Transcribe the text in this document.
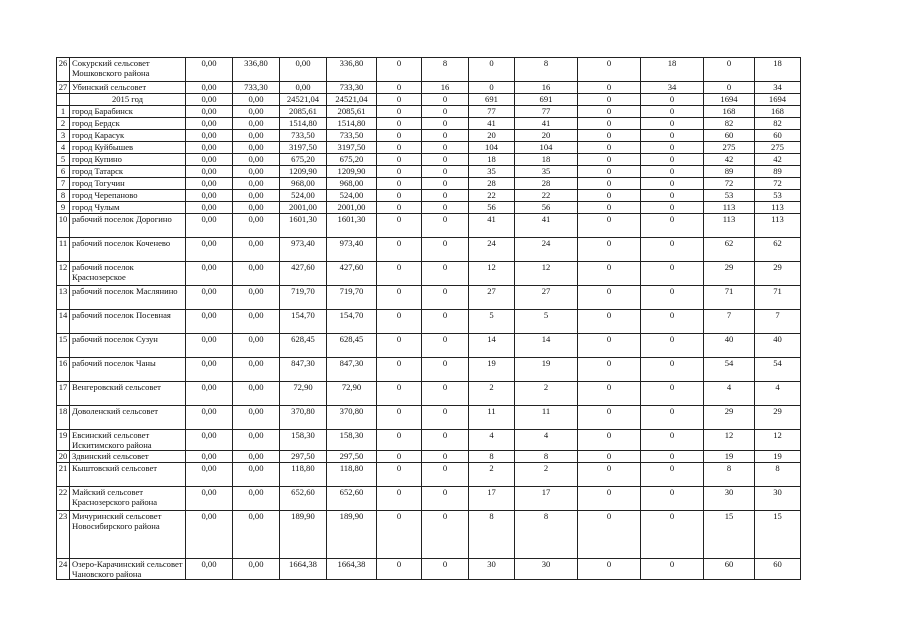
26	Сокурский сельсовет Мошковского района	0,00	336,80	0,00	336,80	0	8	0	8	0	18	0	18
27	Убинский сельсовет	0,00	733,30	0,00	733,30	0	16	0	16	0	34	0	34
	2015 год	0,00	0,00	24521,04	24521,04	0	0	691	691	0	0	1694	1694
1	город Барабинск	0,00	0,00	2085,61	2085,61	0	0	77	77	0	0	168	168
2	город Бердск	0,00	0,00	1514,80	1514,80	0	0	41	41	0	0	82	82
3	город Карасук	0,00	0,00	733,50	733,50	0	0	20	20	0	0	60	60
4	город Куйбышев	0,00	0,00	3197,50	3197,50	0	0	104	104	0	0	275	275
5	город Купино	0,00	0,00	675,20	675,20	0	0	18	18	0	0	42	42
6	город Татарск	0,00	0,00	1209,90	1209,90	0	0	35	35	0	0	89	89
7	город Тогучин	0,00	0,00	968,00	968,00	0	0	28	28	0	0	72	72
8	город Черепаново	0,00	0,00	524,00	524,00	0	0	22	22	0	0	53	53
9	город Чулым	0,00	0,00	2001,00	2001,00	0	0	56	56	0	0	113	113
10	рабочий поселок Дорогино	0,00	0,00	1601,30	1601,30	0	0	41	41	0	0	113	113
11	рабочий поселок Коченево	0,00	0,00	973,40	973,40	0	0	24	24	0	0	62	62
12	рабочий поселок Краснозерское	0,00	0,00	427,60	427,60	0	0	12	12	0	0	29	29
13	рабочий поселок Маслянино	0,00	0,00	719,70	719,70	0	0	27	27	0	0	71	71
14	рабочий поселок Посевная	0,00	0,00	154,70	154,70	0	0	5	5	0	0	7	7
15	рабочий поселок Сузун	0,00	0,00	628,45	628,45	0	0	14	14	0	0	40	40
16	рабочий поселок Чаны	0,00	0,00	847,30	847,30	0	0	19	19	0	0	54	54
17	Венгеровский сельсовет	0,00	0,00	72,90	72,90	0	0	2	2	0	0	4	4
18	Доволенский сельсовет	0,00	0,00	370,80	370,80	0	0	11	11	0	0	29	29
19	Евсинский сельсовет Искитимского района	0,00	0,00	158,30	158,30	0	0	4	4	0	0	12	12
20	Здвинский сельсовет	0,00	0,00	297,50	297,50	0	0	8	8	0	0	19	19
21	Кыштовский сельсовет	0,00	0,00	118,80	118,80	0	0	2	2	0	0	8	8
22	Майский сельсовет Краснозерского района	0,00	0,00	652,60	652,60	0	0	17	17	0	0	30	30
23	Мичуринский сельсовет Новосибирского района	0,00	0,00	189,90	189,90	0	0	8	8	0	0	15	15
24	Озеро-Карачинский сельсовет Чановского района	0,00	0,00	1664,38	1664,38	0	0	30	30	0	0	60	60
